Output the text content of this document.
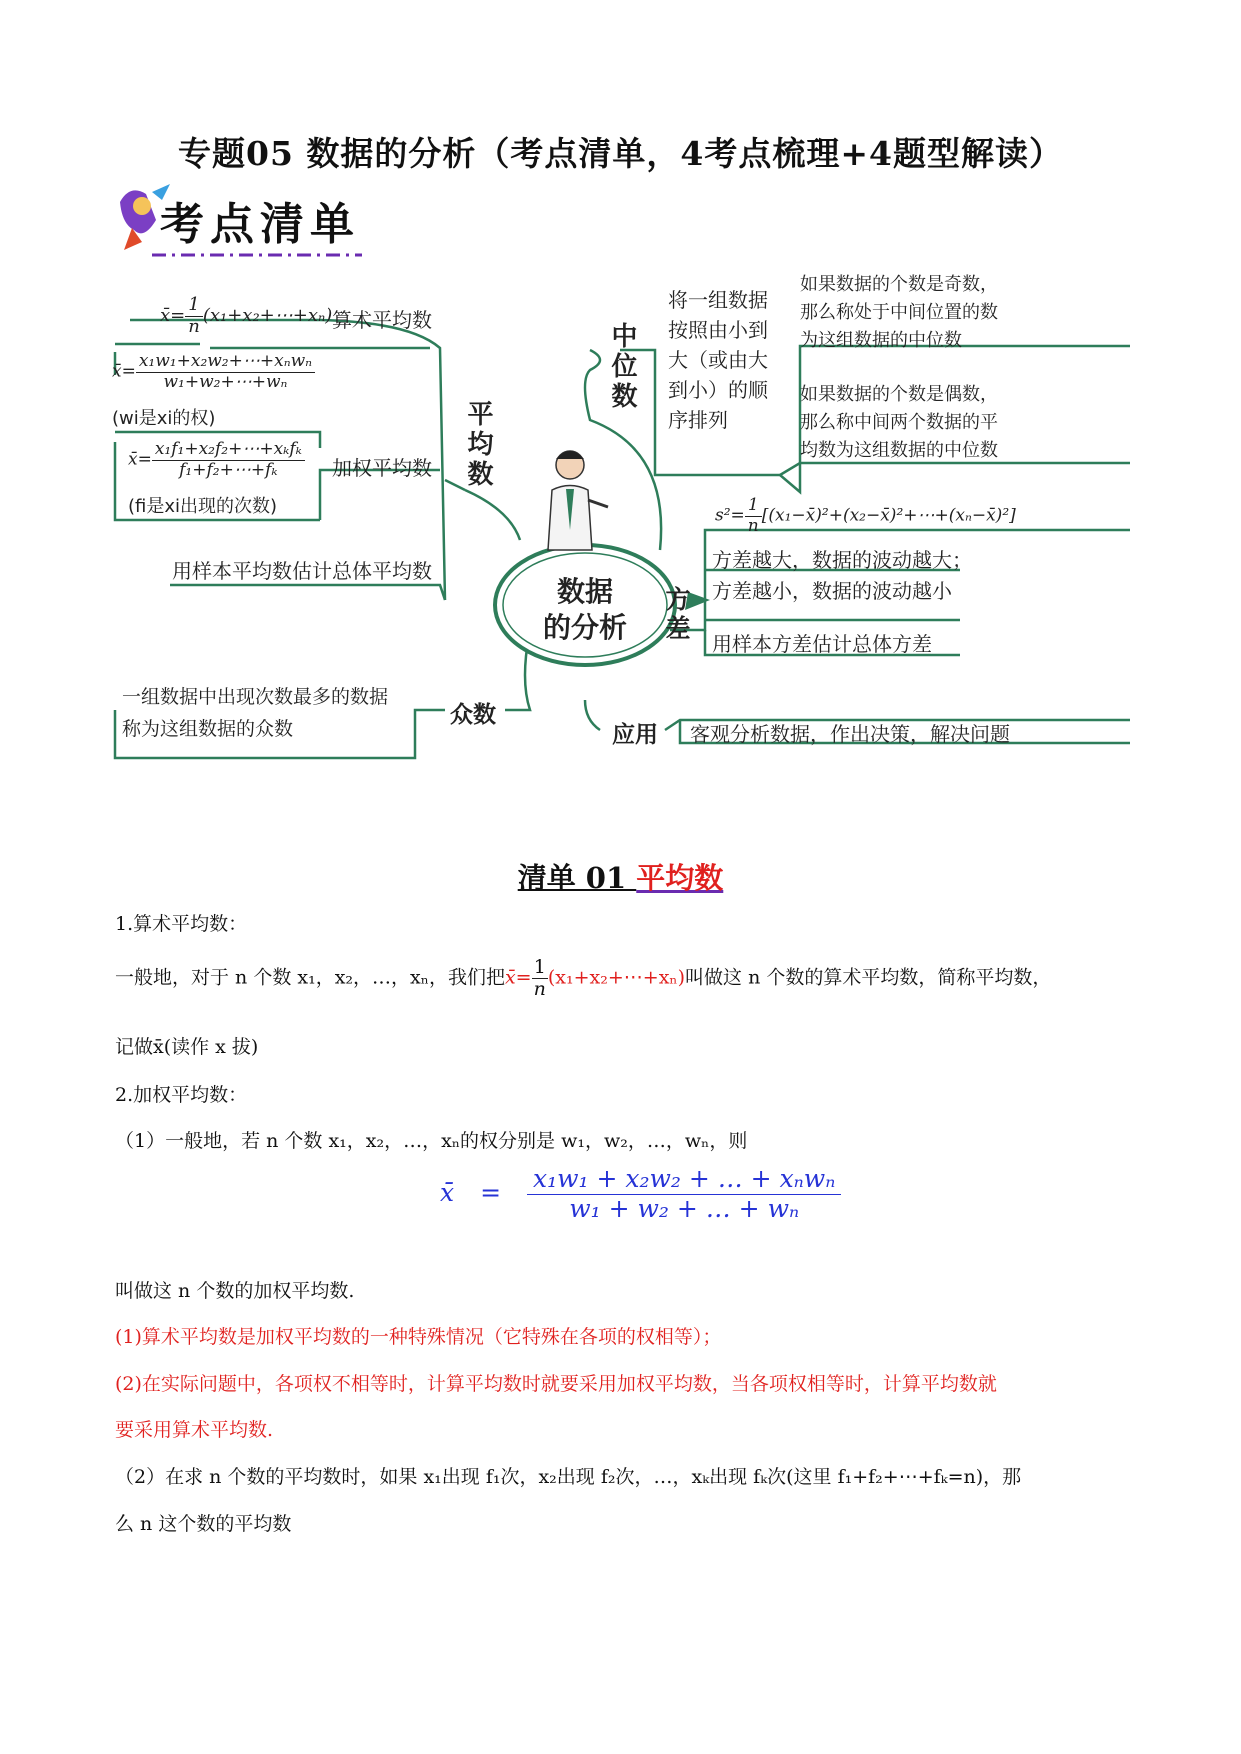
专题05 数据的分析（考点清单，4考点梳理+4题型解读）
考点清单
数据
的分析
平均数
x̄= $\frac{1}{n}$ (x₁+x₂+⋯+xₙ) 算术平均数
x̄= $\frac{\text{x₁w₁+x₂w₂+⋯+xₙwₙ}}{\text{w₁+w₂+⋯+wₙ}}$
(wi是xi的权)
x̄= $\frac{\text{x₁f₁+x₂f₂+⋯+xₖfₖ}}{\text{f₁+f₂+⋯+fₖ}}$
(fi是xi出现的次数)
加权平均数
用样本平均数估计总体平均数
一组数据中出现次数最多的数据
称为这组数据的众数
众数
中位数
将一组数据
按照由小到
大（或由大
到小）的顺
序排列
如果数据的个数是奇数，
那么称处于中间位置的数
为这组数据的中位数
如果数据的个数是偶数，
那么称中间两个数据的平
均数为这组数据的中位数
$s^2= \frac{1}{n}$ [(x₁−x̄)²+(x₂−x̄)²+⋯+(xₙ−x̄)²]
方差
方差越大，数据的波动越大；
方差越小，数据的波动越小
用样本方差估计总体方差
应用 客观分析数据，作出决策，解决问题
清单 01 平均数
1.算术平均数：
一般地，对于 n 个数 x₁，x₂，…，xₙ，我们把x̄= $\frac{1}{n}$ (x₁+x₂+⋯+xₙ)叫做这 n 个数的算术平均数，简称平均数，
记做x̄(读作 x 拔)
2.加权平均数：
（1）一般地，若 n 个数 x₁，x₂，…，xₙ的权分别是 w₁，w₂，…，wₙ，则
x̄ = $\frac{\text{x₁w₁ + x₂w₂ + … + xₙwₙ}}{\text{w₁ + w₂ + … + wₙ}}$
叫做这 n 个数的加权平均数.
(1)算术平均数是加权平均数的一种特殊情况（它特殊在各项的权相等）；
(2)在实际问题中，各项权不相等时，计算平均数时就要采用加权平均数，当各项权相等时，计算平均数就
要采用算术平均数.
（2）在求 n 个数的平均数时，如果 x₁出现 f₁次，x₂出现 f₂次，…，xₖ出现 fₖ次(这里 f₁+f₂+⋯+fₖ=n)，那
么 n 这个数的平均数
